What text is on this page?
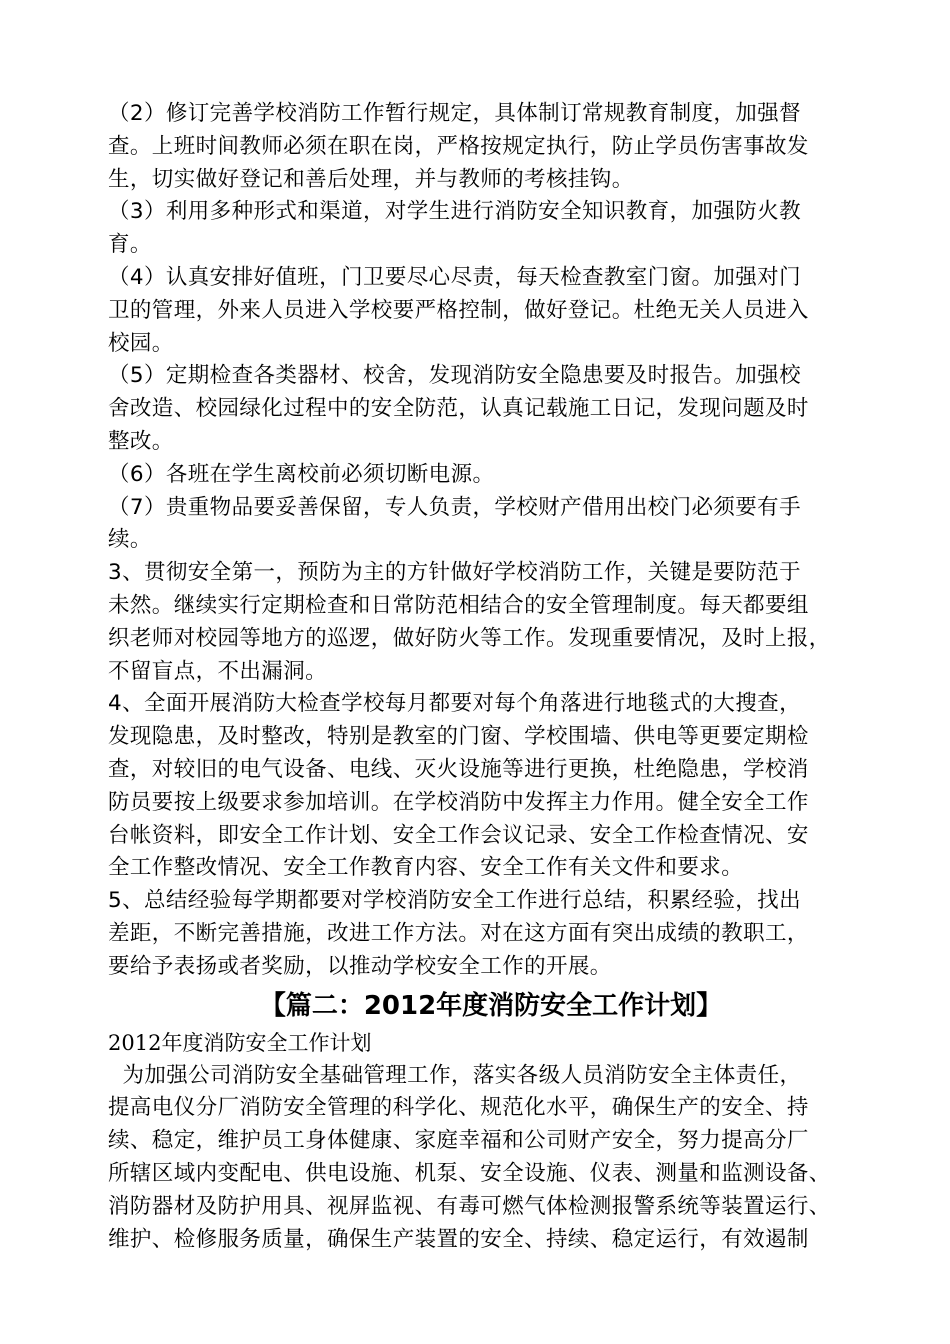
（2）修订完善学校消防工作暂行规定，具体制订常规教育制度，加强督
查。上班时间教师必须在职在岗，严格按规定执行，防止学员伤害事故发
生，切实做好登记和善后处理，并与教师的考核挂钩。
（3）利用多种形式和渠道，对学生进行消防安全知识教育，加强防火教
育。
（4）认真安排好值班，门卫要尽心尽责，每天检查教室门窗。加强对门
卫的管理，外来人员进入学校要严格控制，做好登记。杜绝无关人员进入
校园。
（5）定期检查各类器材、校舍，发现消防安全隐患要及时报告。加强校
舍改造、校园绿化过程中的安全防范，认真记载施工日记，发现问题及时
整改。
（6）各班在学生离校前必须切断电源。
（7）贵重物品要妥善保留，专人负责，学校财产借用出校门必须要有手
续。
3、贯彻安全第一，预防为主的方针做好学校消防工作，关键是要防范于
未然。继续实行定期检查和日常防范相结合的安全管理制度。每天都要组
织老师对校园等地方的巡逻，做好防火等工作。发现重要情况，及时上报，
不留盲点，不出漏洞。
4、全面开展消防大检查学校每月都要对每个角落进行地毯式的大搜查，
发现隐患，及时整改，特别是教室的门窗、学校围墙、供电等更要定期检
查，对较旧的电气设备、电线、灭火设施等进行更换，杜绝隐患，学校消
防员要按上级要求参加培训。在学校消防中发挥主力作用。健全安全工作
台帐资料，即安全工作计划、安全工作会议记录、安全工作检查情况、安
全工作整改情况、安全工作教育内容、安全工作有关文件和要求。
5、总结经验每学期都要对学校消防安全工作进行总结，积累经验，找出
差距，不断完善措施，改进工作方法。对在这方面有突出成绩的教职工，
要给予表扬或者奖励，以推动学校安全工作的开展。
【篇二：2012年度消防安全工作计划】
2012年度消防安全工作计划
为加强公司消防安全基础管理工作，落实各级人员消防安全主体责任，
提高电仪分厂消防安全管理的科学化、规范化水平，确保生产的安全、持
续、稳定，维护员工身体健康、家庭幸福和公司财产安全，努力提高分厂
所辖区域内变配电、供电设施、机泵、安全设施、仪表、测量和监测设备、
消防器材及防护用具、视屏监视、有毒可燃气体检测报警系统等装置运行、
维护、检修服务质量，确保生产装置的安全、持续、稳定运行，有效遏制
